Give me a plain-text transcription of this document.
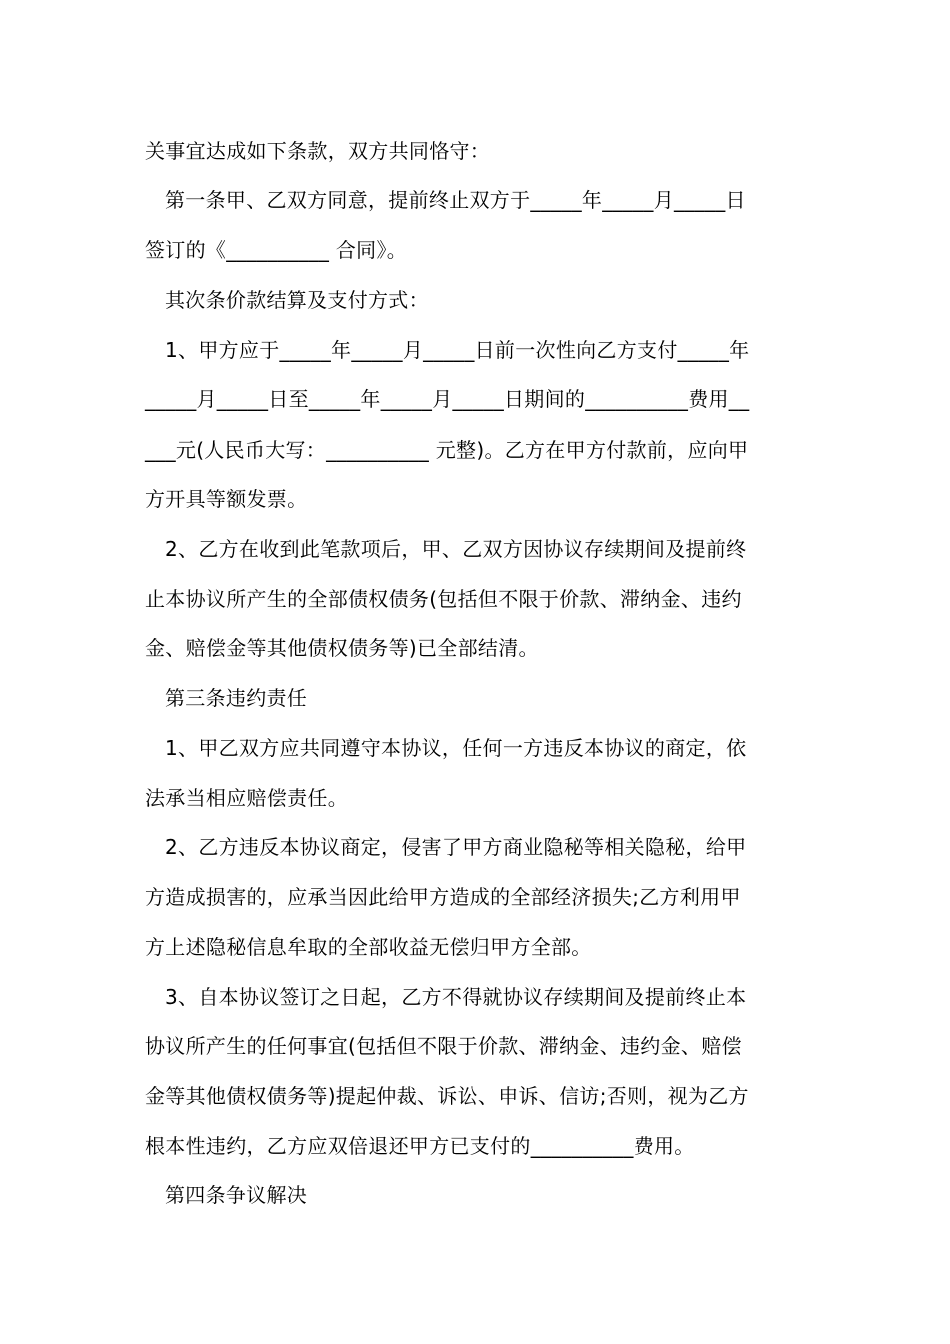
关事宜达成如下条款，双方共同恪守：
第一条甲、乙双方同意，提前终止双方于_____年_____月_____日
签订的《__________ 合同》。
其次条价款结算及支付方式：
1、甲方应于_____年_____月_____日前一次性向乙方支付_____年
_____月_____日至_____年_____月_____日期间的__________费用__
___元(人民币大写：__________ 元整)。乙方在甲方付款前，应向甲
方开具等额发票。
2、乙方在收到此笔款项后，甲、乙双方因协议存续期间及提前终
止本协议所产生的全部债权债务(包括但不限于价款、滞纳金、违约
金、赔偿金等其他债权债务等)已全部结清。
第三条违约责任
1、甲乙双方应共同遵守本协议，任何一方违反本协议的商定，依
法承当相应赔偿责任。
2、乙方违反本协议商定，侵害了甲方商业隐秘等相关隐秘，给甲
方造成损害的，应承当因此给甲方造成的全部经济损失;乙方利用甲
方上述隐秘信息牟取的全部收益无偿归甲方全部。
3、自本协议签订之日起，乙方不得就协议存续期间及提前终止本
协议所产生的任何事宜(包括但不限于价款、滞纳金、违约金、赔偿
金等其他债权债务等)提起仲裁、诉讼、申诉、信访;否则，视为乙方
根本性违约，乙方应双倍退还甲方已支付的__________费用。
第四条争议解决
